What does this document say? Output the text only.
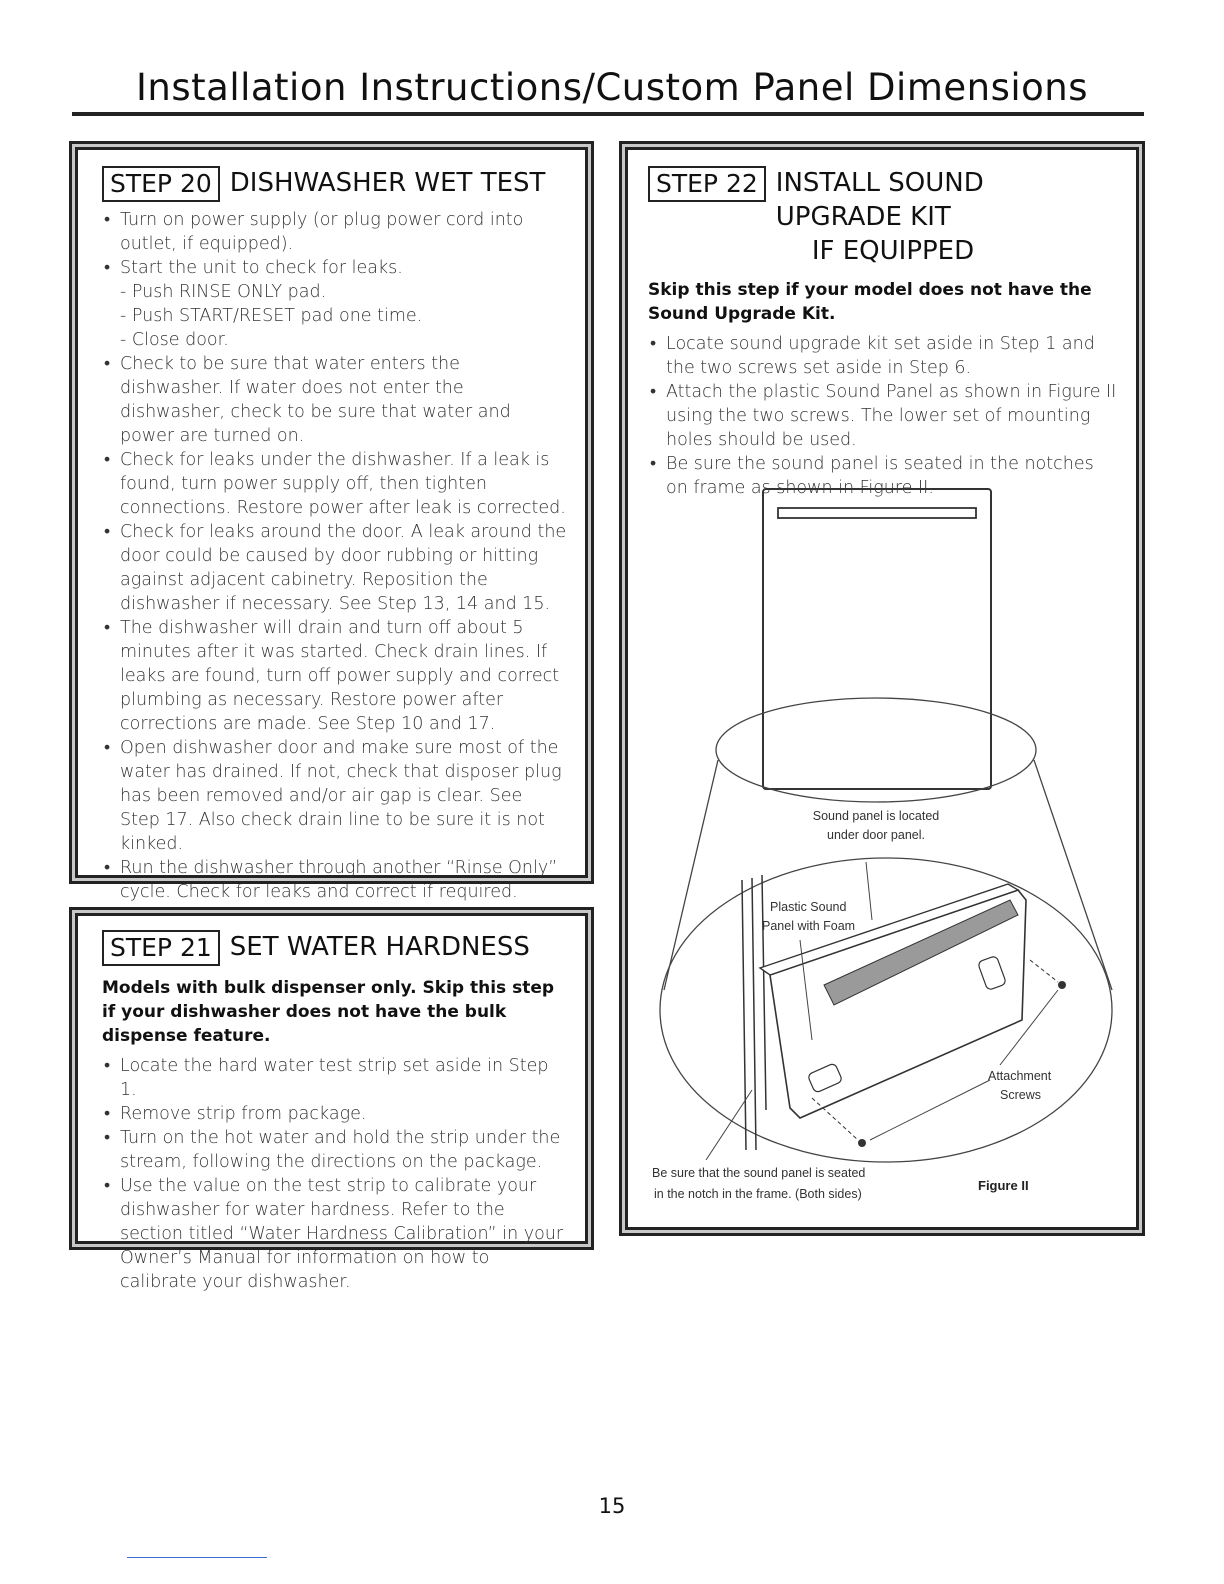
Installation Instructions/Custom Panel Dimensions
STEP 20 DISHWASHER WET TEST
• Turn on power supply (or plug power cord into outlet, if equipped).
• Start the unit to check for leaks.
- Push RINSE ONLY pad.
- Push START/RESET pad one time.
- Close door.
• Check to be sure that water enters the dishwasher. If water does not enter the dishwasher, check to be sure that water and power are turned on.
• Check for leaks under the dishwasher. If a leak is found, turn power supply off, then tighten connections. Restore power after leak is corrected.
• Check for leaks around the door. A leak around the door could be caused by door rubbing or hitting against adjacent cabinetry. Reposition the dishwasher if necessary. See Step 13, 14 and 15.
• The dishwasher will drain and turn off about 5 minutes after it was started. Check drain lines. If leaks are found, turn off power supply and correct plumbing as necessary. Restore power after corrections are made. See Step 10 and 17.
• Open dishwasher door and make sure most of the water has drained. If not, check that disposer plug has been removed and/or air gap is clear. See Step 17. Also check drain line to be sure it is not kinked.
• Run the dishwasher through another “Rinse Only” cycle. Check for leaks and correct if required.
STEP 21 SET WATER HARDNESS
Models with bulk dispenser only. Skip this step if your dishwasher does not have the bulk dispense feature.
• Locate the hard water test strip set aside in Step 1.
• Remove strip from package.
• Turn on the hot water and hold the strip under the stream, following the directions on the package.
• Use the value on the test strip to calibrate your dishwasher for water hardness. Refer to the section titled “Water Hardness Calibration” in your Owner’s Manual for information on how to calibrate your dishwasher.
STEP 22 INSTALL SOUND UPGRADE KIT
IF EQUIPPED
Skip this step if your model does not have the Sound Upgrade Kit.
• Locate sound upgrade kit set aside in Step 1 and the two screws set aside in Step 6.
• Attach the plastic Sound Panel as shown in Figure II using the two screws. The lower set of mounting holes should be used.
• Be sure the sound panel is seated in the notches on frame as shown in Figure II.
Sound panel is located
under door panel.
Plastic Sound
Panel with Foam
Attachment
Screws
Be sure that the sound panel is seated
in the notch in the frame. (Both sides)
Figure II
15
